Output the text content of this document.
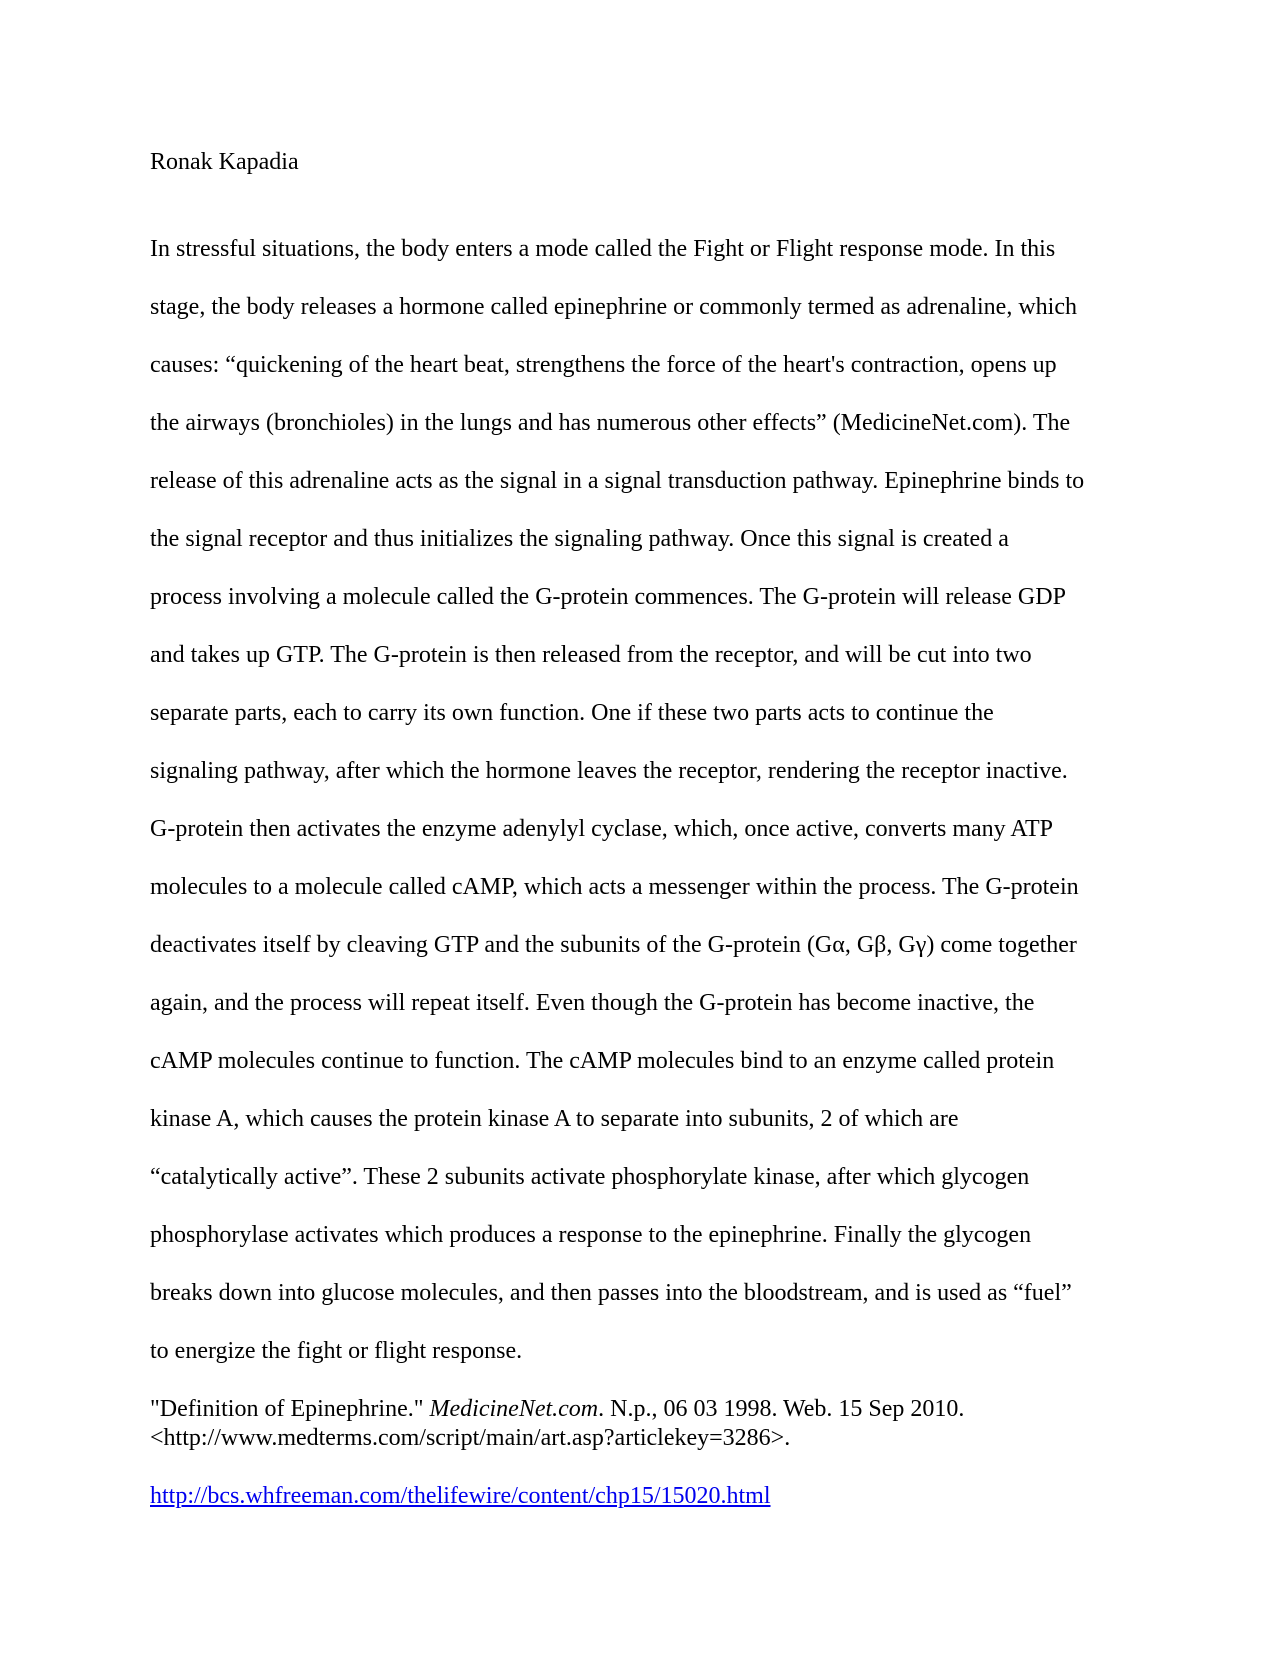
Ronak Kapadia

In stressful situations, the body enters a mode called the Fight or Flight response mode. In this

stage, the body releases a hormone called epinephrine or commonly termed as adrenaline, which

causes: “quickening of the heart beat, strengthens the force of the heart's contraction, opens up

the airways (bronchioles) in the lungs and has numerous other effects” (MedicineNet.com). The

release of this adrenaline acts as the signal in a signal transduction pathway. Epinephrine binds to

the signal receptor and thus initializes the signaling pathway. Once this signal is created a

process involving a molecule called the G-protein commences. The G-protein will release GDP

and takes up GTP. The G-protein is then released from the receptor, and will be cut into two

separate parts, each to carry its own function. One if these two parts acts to continue the

signaling pathway, after which the hormone leaves the receptor, rendering the receptor inactive.

G-protein then activates the enzyme adenylyl cyclase, which, once active, converts many ATP

molecules to a molecule called cAMP, which acts a messenger within the process. The G-protein

deactivates itself by cleaving GTP and the subunits of the G-protein (Gα, Gβ, Gγ) come together

again, and the process will repeat itself. Even though the G-protein has become inactive, the

cAMP molecules continue to function. The cAMP molecules bind to an enzyme called protein

kinase A, which causes the protein kinase A to separate into subunits, 2 of which are

“catalytically active”. These 2 subunits activate phosphorylate kinase, after which glycogen

phosphorylase activates which produces a response to the epinephrine. Finally the glycogen

breaks down into glucose molecules, and then passes into the bloodstream, and is used as “fuel”

to energize the fight or flight response.

"Definition of Epinephrine." MedicineNet.com. N.p., 06 03 1998. Web. 15 Sep 2010.
<http://www.medterms.com/script/main/art.asp?articlekey=3286>.

http://bcs.whfreeman.com/thelifewire/content/chp15/15020.html
